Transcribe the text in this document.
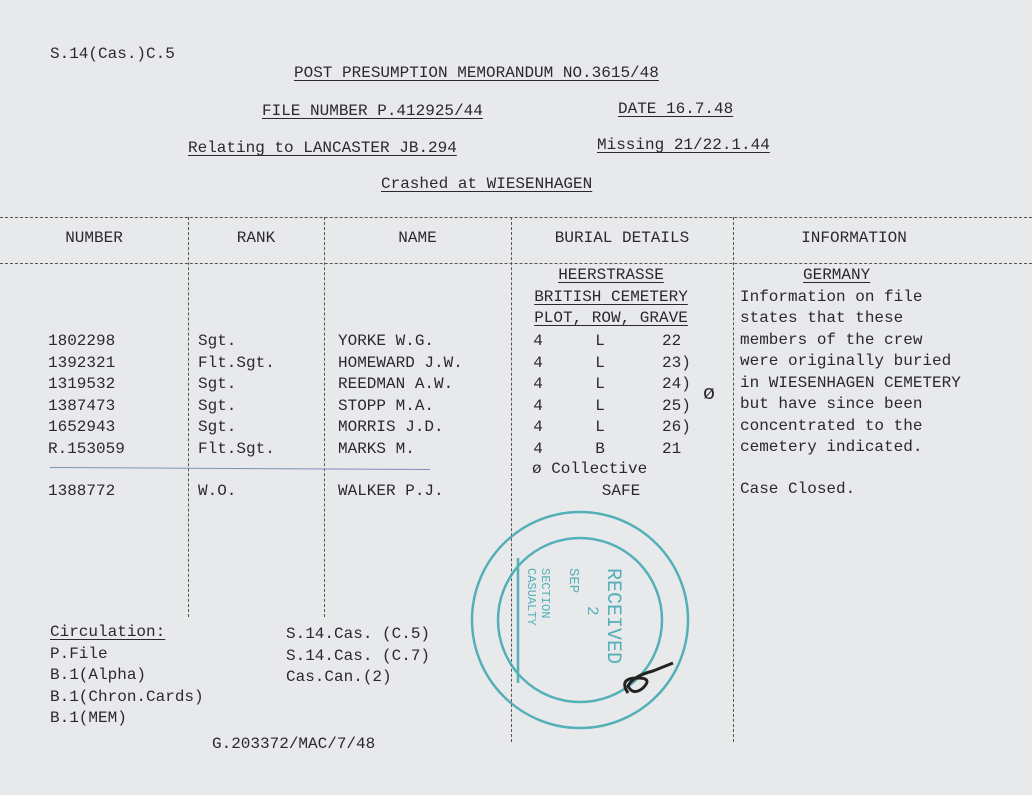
S.14(Cas.)C.5
POST PRESUMPTION MEMORANDUM NO.3615/48
FILE NUMBER P.412925/44	DATE 16.7.48
Relating to LANCASTER JB.294	Missing 21/22.1.44
Crashed at WIESENHAGEN
NUMBER	RANK	NAME	BURIAL DETAILS	INFORMATION
HEERSTRASSE
BRITISH CEMETERY
PLOT, ROW, GRAVE
1802298	Sgt.	YORKE W.G.	4	L	22
1392321	Flt.Sgt.	HOMEWARD J.W.	4	L	23)
1319532	Sgt.	REEDMAN A.W.	4	L	24)
1387473	Sgt.	STOPP M.A.	4	L	25)
1652943	Sgt.	MORRIS J.D.	4	L	26)
R.153059	Flt.Sgt.	MARKS M.	4	B	21
ø
ø Collective
1388772	W.O.	WALKER P.J.	SAFE	Case Closed.
GERMANY
Information on file
states that these
members of the crew
were originally buried
in WIESENHAGEN CEMETERY
but have since been
concentrated to the
cemetery indicated.
Circulation:
P.File
B.1(Alpha)
B.1(Chron.Cards)
B.1(MEM)
S.14.Cas. (C.5)
S.14.Cas. (C.7)
Cas.Can.(2)
G.203372/MAC/7/48
RECEIVED
SEP
2
CASUALTY SECTION
